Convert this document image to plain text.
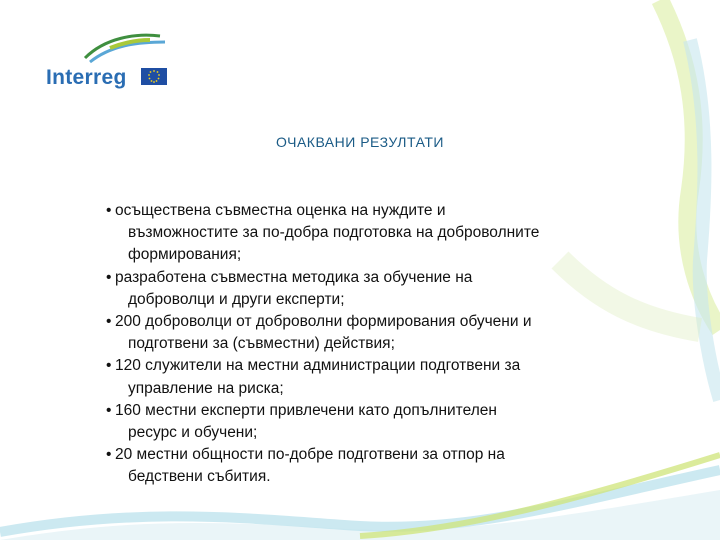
Interreg
ОЧАКВАНИ РЕЗУЛТАТИ
• осъществена съвместна оценка на нуждите и
възможностите за по-добра подготовка на доброволните
формирования;
• разработена съвместна методика за обучение на
доброволци и други експерти;
• 200 доброволци от доброволни формирования обучени и
подготвени за (съвместни) действия;
• 120 служители на местни администрации подготвени за
управление на риска;
• 160 местни експерти привлечени като допълнителен
ресурс и обучени;
• 20 местни общности по-добре подготвени за отпор на
бедствени събития.
